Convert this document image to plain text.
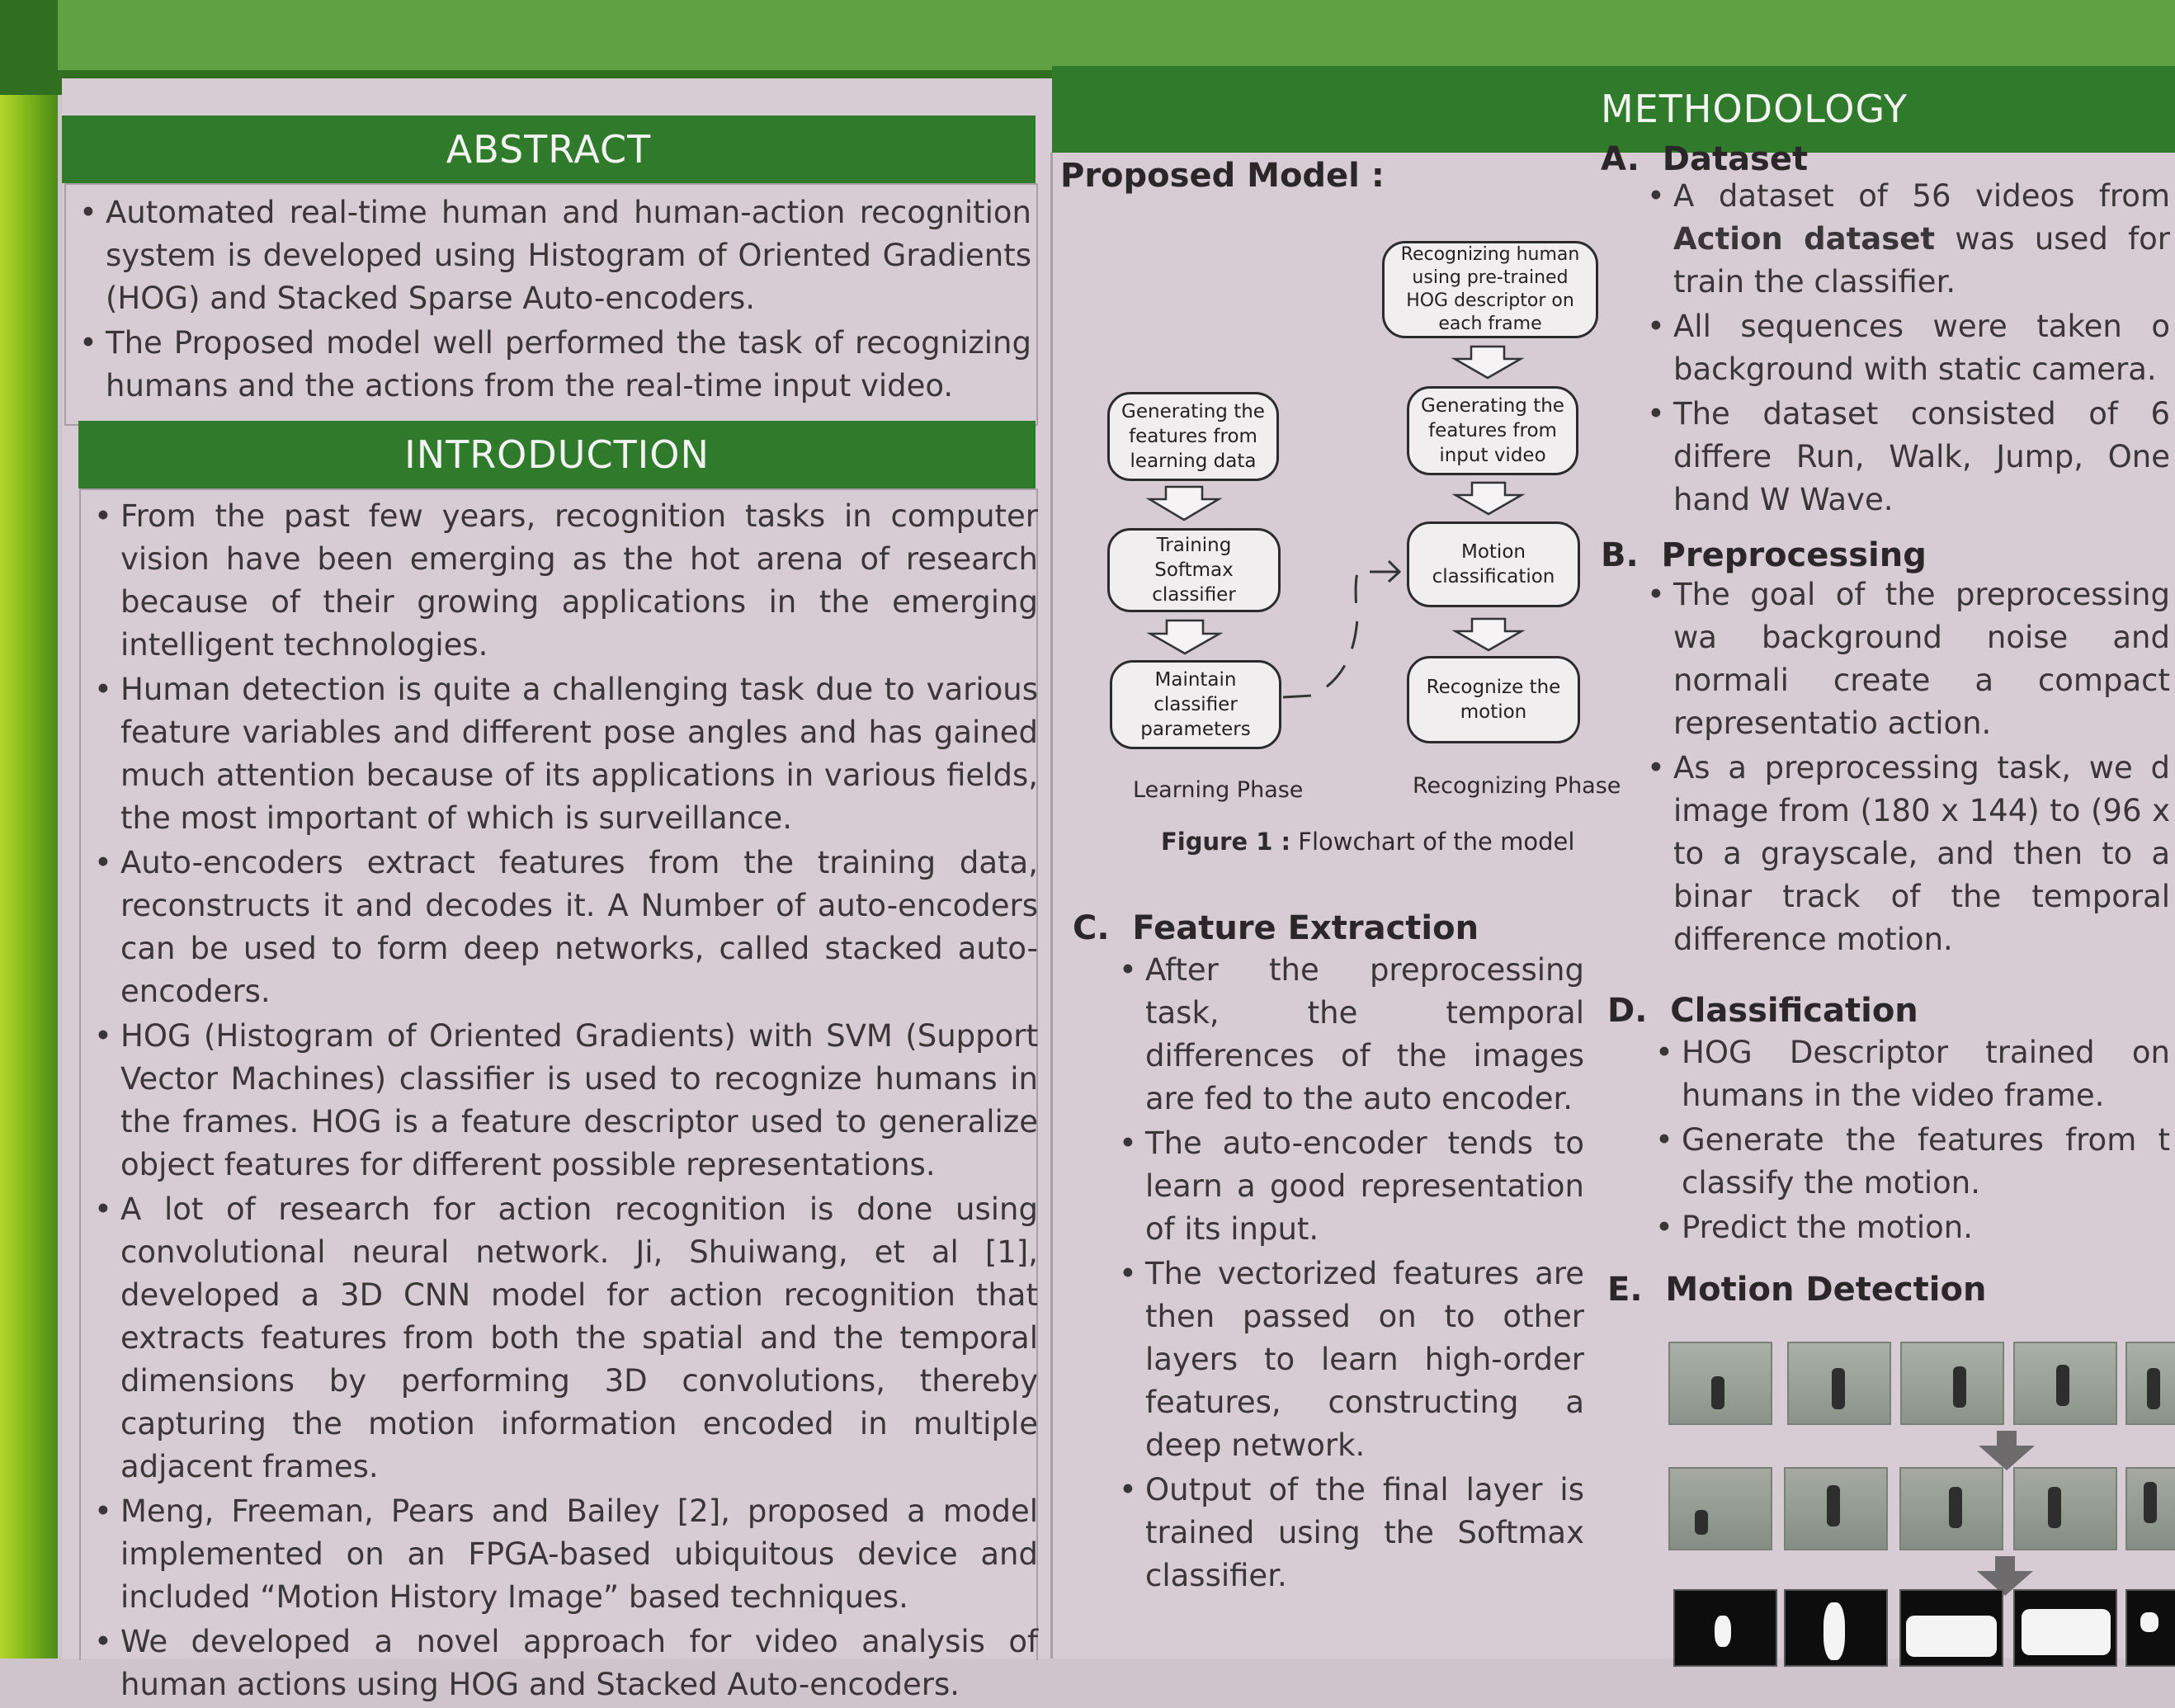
ABSTRACT
• Automated real-time human and human-action recognition system is developed using Histogram of Oriented Gradients (HOG) and Stacked Sparse Auto-encoders.
• The Proposed model well performed the task of recognizing humans and the actions from the real-time input video.
INTRODUCTION
• From the past few years, recognition tasks in computer vision have been emerging as the hot arena of research because of their growing applications in the emerging intelligent technologies.
• Human detection is quite a challenging task due to various feature variables and different pose angles and has gained much attention because of its applications in various fields, the most important of which is surveillance.
• Auto-encoders extract features from the training data, reconstructs it and decodes it. A Number of auto-encoders can be used to form deep networks, called stacked auto-encoders.
• HOG (Histogram of Oriented Gradients) with SVM (Support Vector Machines) classifier is used to recognize humans in the frames. HOG is a feature descriptor used to generalize object features for different possible representations.
• A lot of research for action recognition is done using convolutional neural network. Ji, Shuiwang, et al [1], developed a 3D CNN model for action recognition that extracts features from both the spatial and the temporal dimensions by performing 3D convolutions, thereby capturing the motion information encoded in multiple adjacent frames.
• Meng, Freeman, Pears and Bailey [2], proposed a model implemented on an FPGA-based ubiquitous device and included “Motion History Image” based techniques.
• We developed a novel approach for video analysis of human actions using HOG and Stacked Auto-encoders.
METHODOLOGY
Proposed Model :
Recognizing human using pre-trained HOG descriptor on each frame
Generating the features from learning data
Generating the features from input video
Training Softmax classifier
Motion classification
Maintain classifier parameters
Recognize the motion
Learning Phase	Recognizing Phase
Figure 1 : Flowchart of the model
C.  Feature Extraction
• After the preprocessing task, the temporal differences of the images are fed to the auto encoder.
• The auto-encoder tends to learn a good representation of its input.
• The vectorized features are then passed on to other layers to learn high-order features, constructing a deep network.
• Output of the final layer is trained using the Softmax classifier.
A.  Dataset
• A dataset of 56 videos from Action dataset was used for train the classifier.
• All sequences were taken o background with static camera.
• The dataset consisted of 6 differe Run, Walk, Jump, One hand W Wave.
B.  Preprocessing
• The goal of the preprocessing wa background noise and normali create a compact representatio action.
• As a preprocessing task, we d image from (180 x 144) to (96 x to a grayscale, and then to a binar track of the temporal difference motion.
D.  Classification
• HOG Descriptor trained on humans in the video frame.
• Generate the features from t classify the motion.
• Predict the motion.
E.  Motion Detection
